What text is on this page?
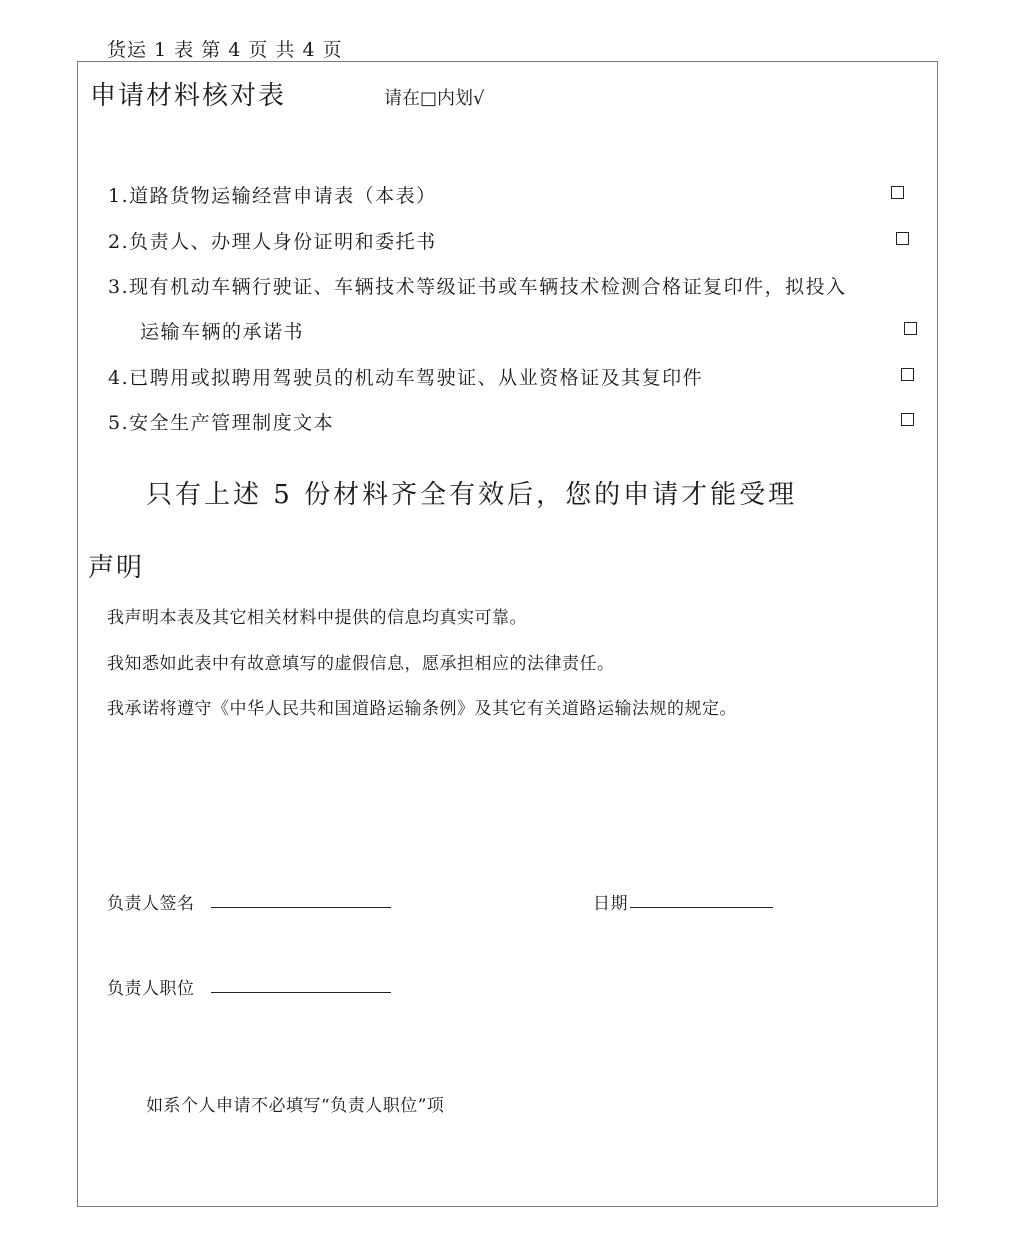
货运 1 表 第 4 页 共 4 页
申请材料核对表	请在□内划√
1.道路货物运输经营申请表（本表）
2.负责人、办理人身份证明和委托书
3.现有机动车辆行驶证、车辆技术等级证书或车辆技术检测合格证复印件，拟投入
运输车辆的承诺书
4.已聘用或拟聘用驾驶员的机动车驾驶证、从业资格证及其复印件
5.安全生产管理制度文本
只有上述 5 份材料齐全有效后，您的申请才能受理
声明
我声明本表及其它相关材料中提供的信息均真实可靠。
我知悉如此表中有故意填写的虚假信息，愿承担相应的法律责任。
我承诺将遵守《中华人民共和国道路运输条例》及其它有关道路运输法规的规定。
负责人签名	日期
负责人职位
如系个人申请不必填写“负责人职位”项
